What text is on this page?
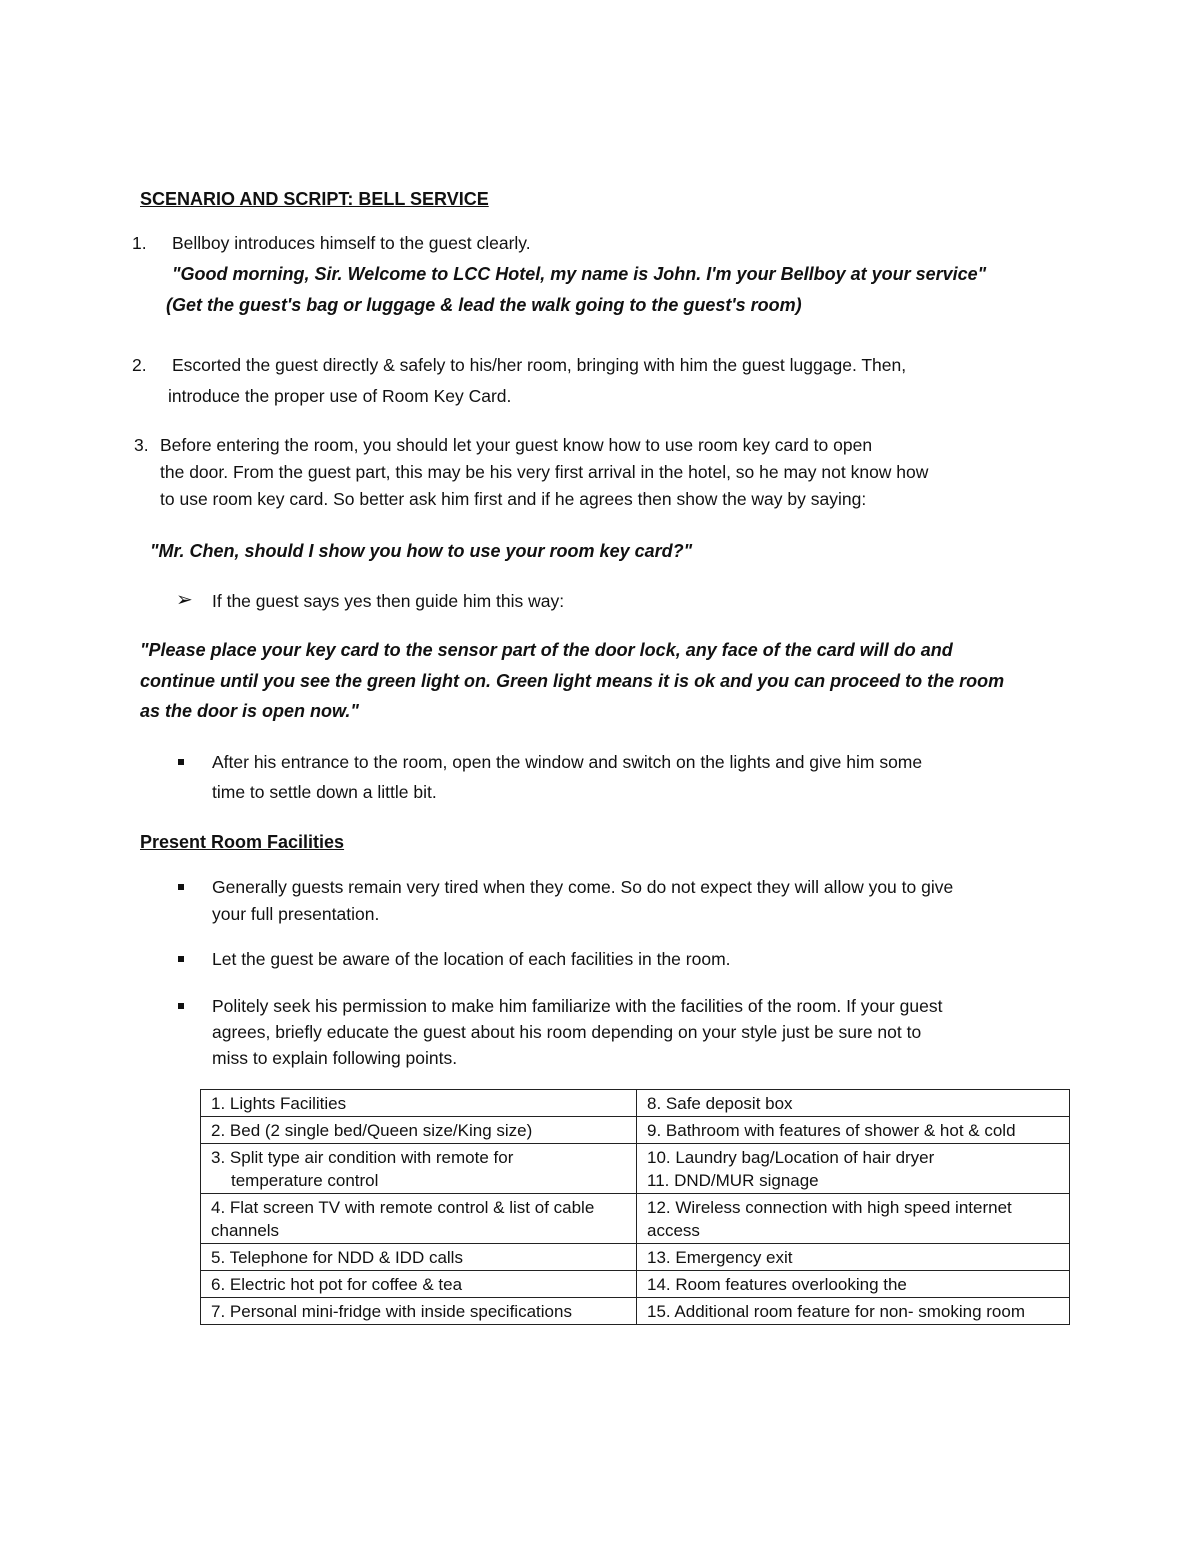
SCENARIO AND SCRIPT: BELL SERVICE
1. Bellboy introduces himself to the guest clearly.
"Good morning, Sir. Welcome to LCC Hotel, my name is John. I'm your Bellboy at your service"
(Get the guest's bag or luggage & lead the walk going to the guest's room)
2. Escorted the guest directly & safely to his/her room, bringing with him the guest luggage. Then,
introduce the proper use of Room Key Card.
3. Before entering the room, you should let your guest know how to use room key card to open
the door. From the guest part, this may be his very first arrival in the hotel, so he may not know how
to use room key card. So better ask him first and if he agrees then show the way by saying:
"Mr. Chen, should I show you how to use your room key card?"
➢ If the guest says yes then guide him this way:
"Please place your key card to the sensor part of the door lock, any face of the card will do and
continue until you see the green light on. Green light means it is ok and you can proceed to the room
as the door is open now."
After his entrance to the room, open the window and switch on the lights and give him some
time to settle down a little bit.
Present Room Facilities
Generally guests remain very tired when they come. So do not expect they will allow you to give
your full presentation.
Let the guest be aware of the location of each facilities in the room.
Politely seek his permission to make him familiarize with the facilities of the room. If your guest
agrees, briefly educate the guest about his room depending on your style just be sure not to
miss to explain following points.
1. Lights Facilities	8. Safe deposit box
2. Bed (2 single bed/Queen size/King size)	9. Bathroom with features of shower & hot & cold
3. Split type air condition with remote for
temperature control	10. Laundry bag/Location of hair dryer
11. DND/MUR signage
4. Flat screen TV with remote control & list of cable channels	12. Wireless connection with high speed internet access
5. Telephone for NDD & IDD calls	13. Emergency exit
6. Electric hot pot for coffee & tea	14. Room features overlooking the
7. Personal mini-fridge with inside specifications	15. Additional room feature for non- smoking room
